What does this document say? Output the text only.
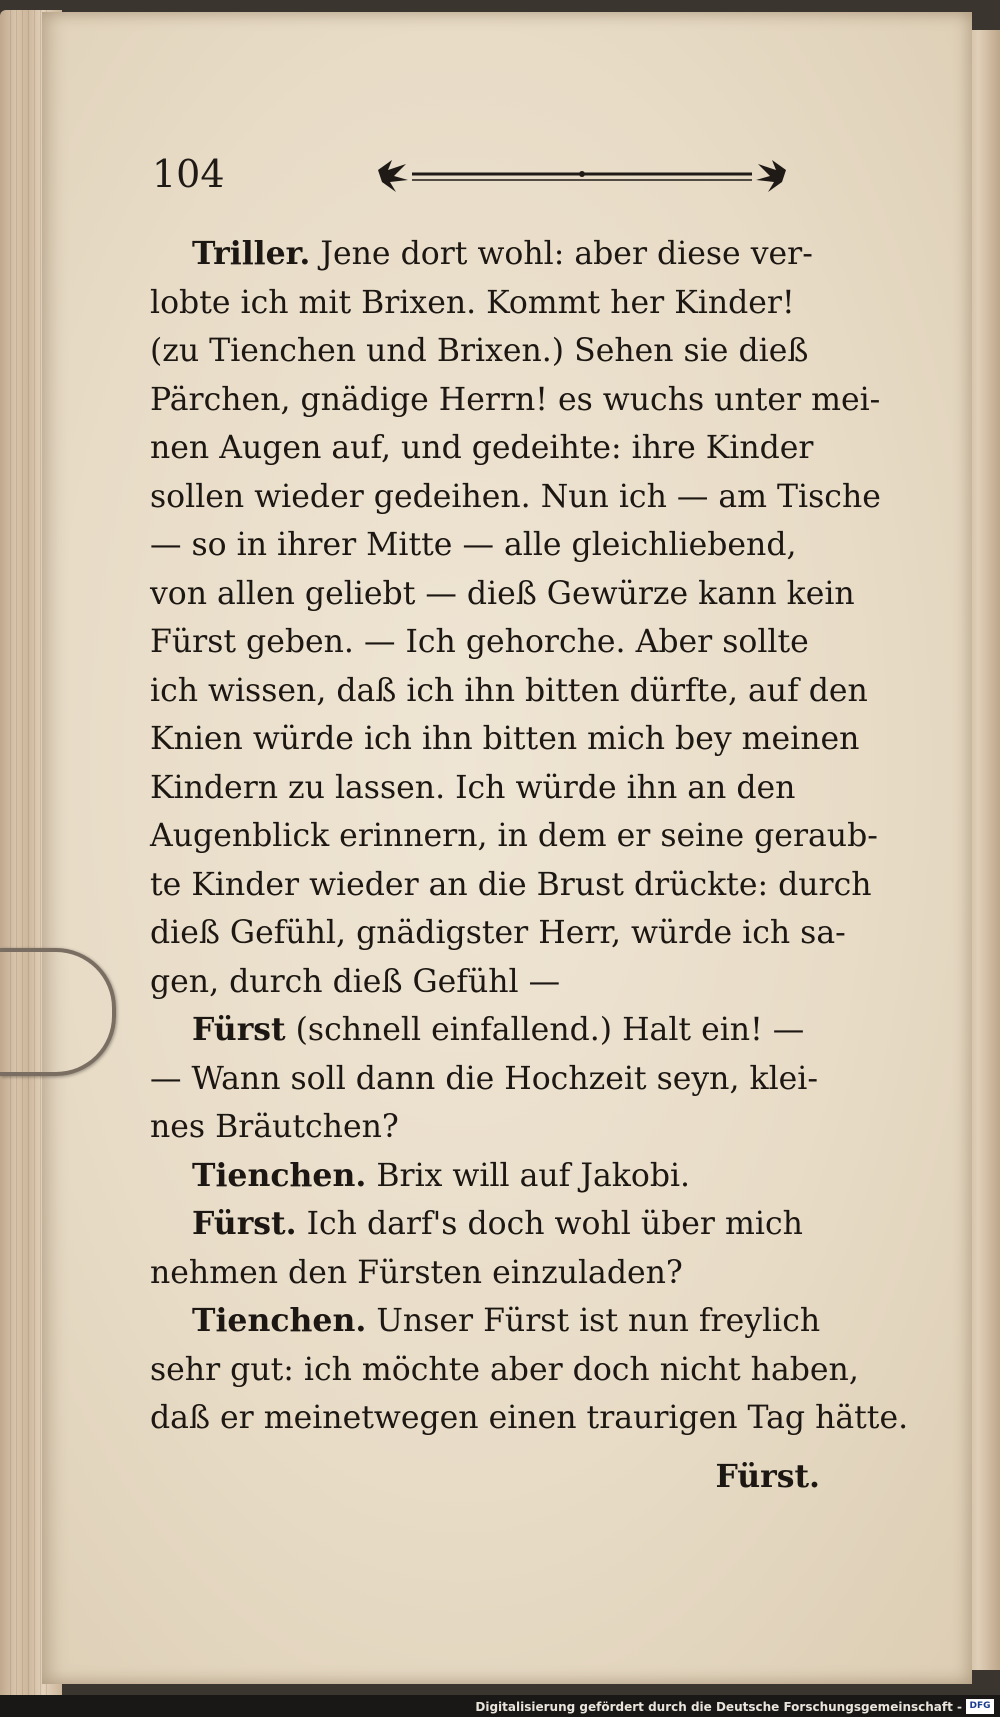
104
Triller. Jene dort wohl: aber diese ver-
lobte ich mit Brixen. Kommt her Kinder!
(zu Tienchen und Brixen.) Sehen sie dieß
Pärchen, gnädige Herrn! es wuchs unter mei-
nen Augen auf, und gedeihte: ihre Kinder
sollen wieder gedeihen. Nun ich — am Tische
— so in ihrer Mitte — alle gleichliebend,
von allen geliebt — dieß Gewürze kann kein
Fürst geben. — Ich gehorche. Aber sollte
ich wissen, daß ich ihn bitten dürfte, auf den
Knien würde ich ihn bitten mich bey meinen
Kindern zu lassen. Ich würde ihn an den
Augenblick erinnern, in dem er seine geraub-
te Kinder wieder an die Brust drückte: durch
dieß Gefühl, gnädigster Herr, würde ich sa-
gen, durch dieß Gefühl —
Fürst (schnell einfallend.) Halt ein! —
— Wann soll dann die Hochzeit seyn, klei-
nes Bräutchen?
Tienchen. Brix will auf Jakobi.
Fürst. Ich darf's doch wohl über mich
nehmen den Fürsten einzuladen?
Tienchen. Unser Fürst ist nun freylich
sehr gut: ich möchte aber doch nicht haben,
daß er meinetwegen einen traurigen Tag hätte.
Fürst.
Digitalisierung gefördert durch die Deutsche Forschungsgemeinschaft - DFG
